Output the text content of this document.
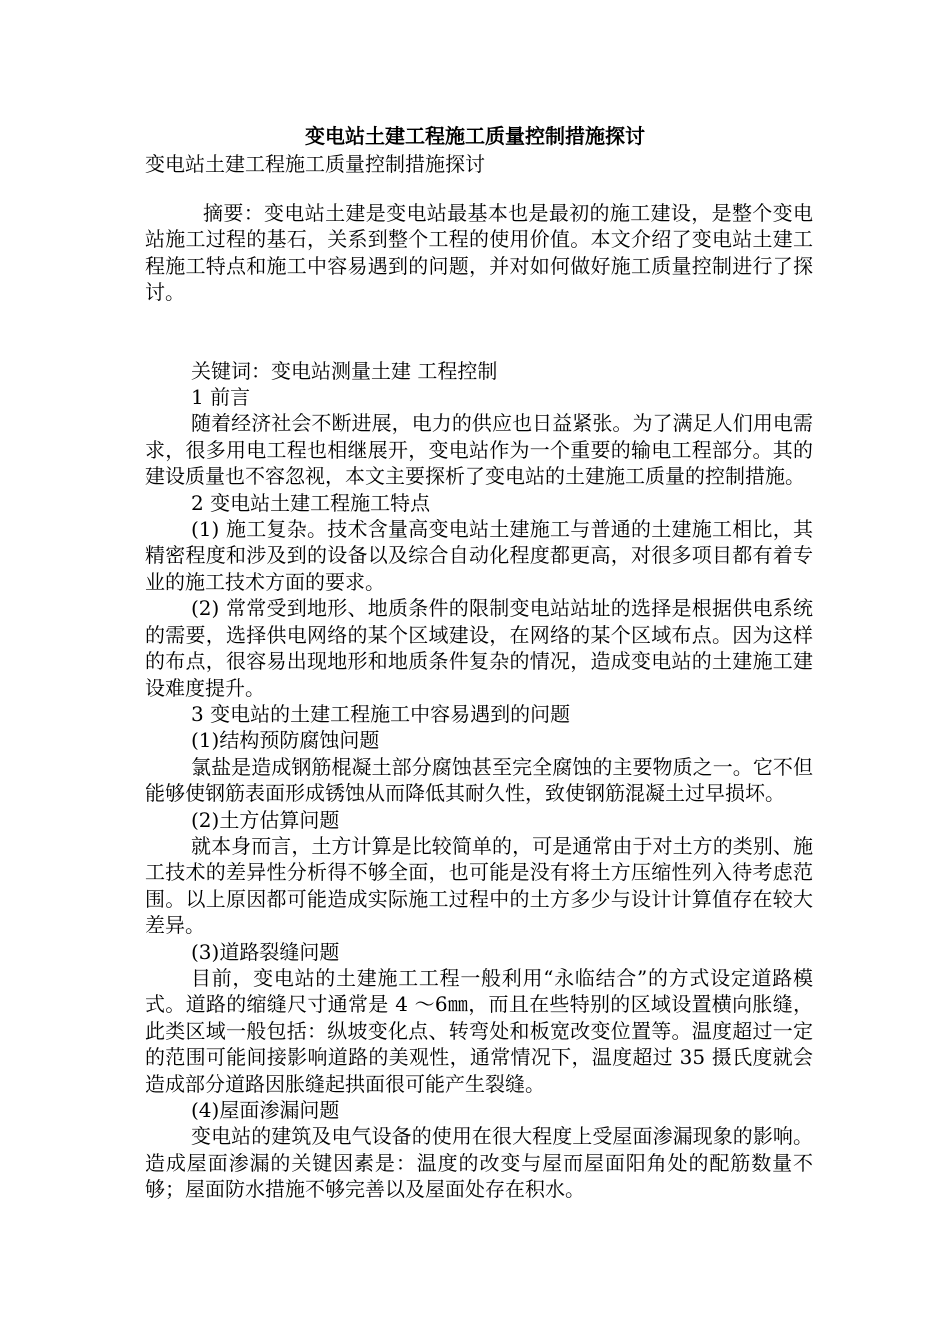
变电站土建工程施工质量控制措施探讨
变电站土建工程施工质量控制措施探讨

摘要：变电站土建是变电站最基本也是最初的施工建设，是整个变电站施工过程的基石，关系到整个工程的使用价值。本文介绍了变电站土建工程施工特点和施工中容易遇到的问题，并对如何做好施工质量控制进行了探讨。

关键词：变电站测量土建 工程控制

1 前言

随着经济社会不断进展，电力的供应也日益紧张。为了满足人们用电需求，很多用电工程也相继展开，变电站作为一个重要的输电工程部分。其的建设质量也不容忽视，本文主要探析了变电站的土建施工质量的控制措施。

2 变电站土建工程施工特点

(1) 施工复杂。技术含量高变电站土建施工与普通的土建施工相比，其精密程度和涉及到的设备以及综合自动化程度都更高，对很多项目都有着专业的施工技术方面的要求。

(2) 常常受到地形、地质条件的限制变电站站址的选择是根据供电系统的需要，选择供电网络的某个区域建设，在网络的某个区域布点。因为这样的布点，很容易出现地形和地质条件复杂的情况，造成变电站的土建施工建设难度提升。

3 变电站的土建工程施工中容易遇到的问题

(1)结构预防腐蚀问题

氯盐是造成钢筋棍凝土部分腐蚀甚至完全腐蚀的主要物质之一。它不但能够使钢筋表面形成锈蚀从而降低其耐久性，致使钢筋混凝土过早损坏。

(2)土方估算问题

就本身而言，土方计算是比较简单的，可是通常由于对土方的类别、施工技术的差异性分析得不够全面，也可能是没有将土方压缩性列入待考虑范围。以上原因都可能造成实际施工过程中的土方多少与设计计算值存在较大差异。

(3)道路裂缝问题

目前，变电站的土建施工工程一般利用“永临结合”的方式设定道路模式。道路的缩缝尺寸通常是 4 ～6㎜，而且在些特别的区域设置横向胀缝，此类区域一般包括：纵坡变化点、转弯处和板宽改变位置等。温度超过一定的范围可能间接影响道路的美观性，通常情况下，温度超过 35 摄氏度就会造成部分道路因胀缝起拱面很可能产生裂缝。

(4)屋面渗漏问题

变电站的建筑及电气设备的使用在很大程度上受屋面渗漏现象的影响。造成屋面渗漏的关键因素是：温度的改变与屋而屋面阳角处的配筋数量不够；屋面防水措施不够完善以及屋面处存在积水。
